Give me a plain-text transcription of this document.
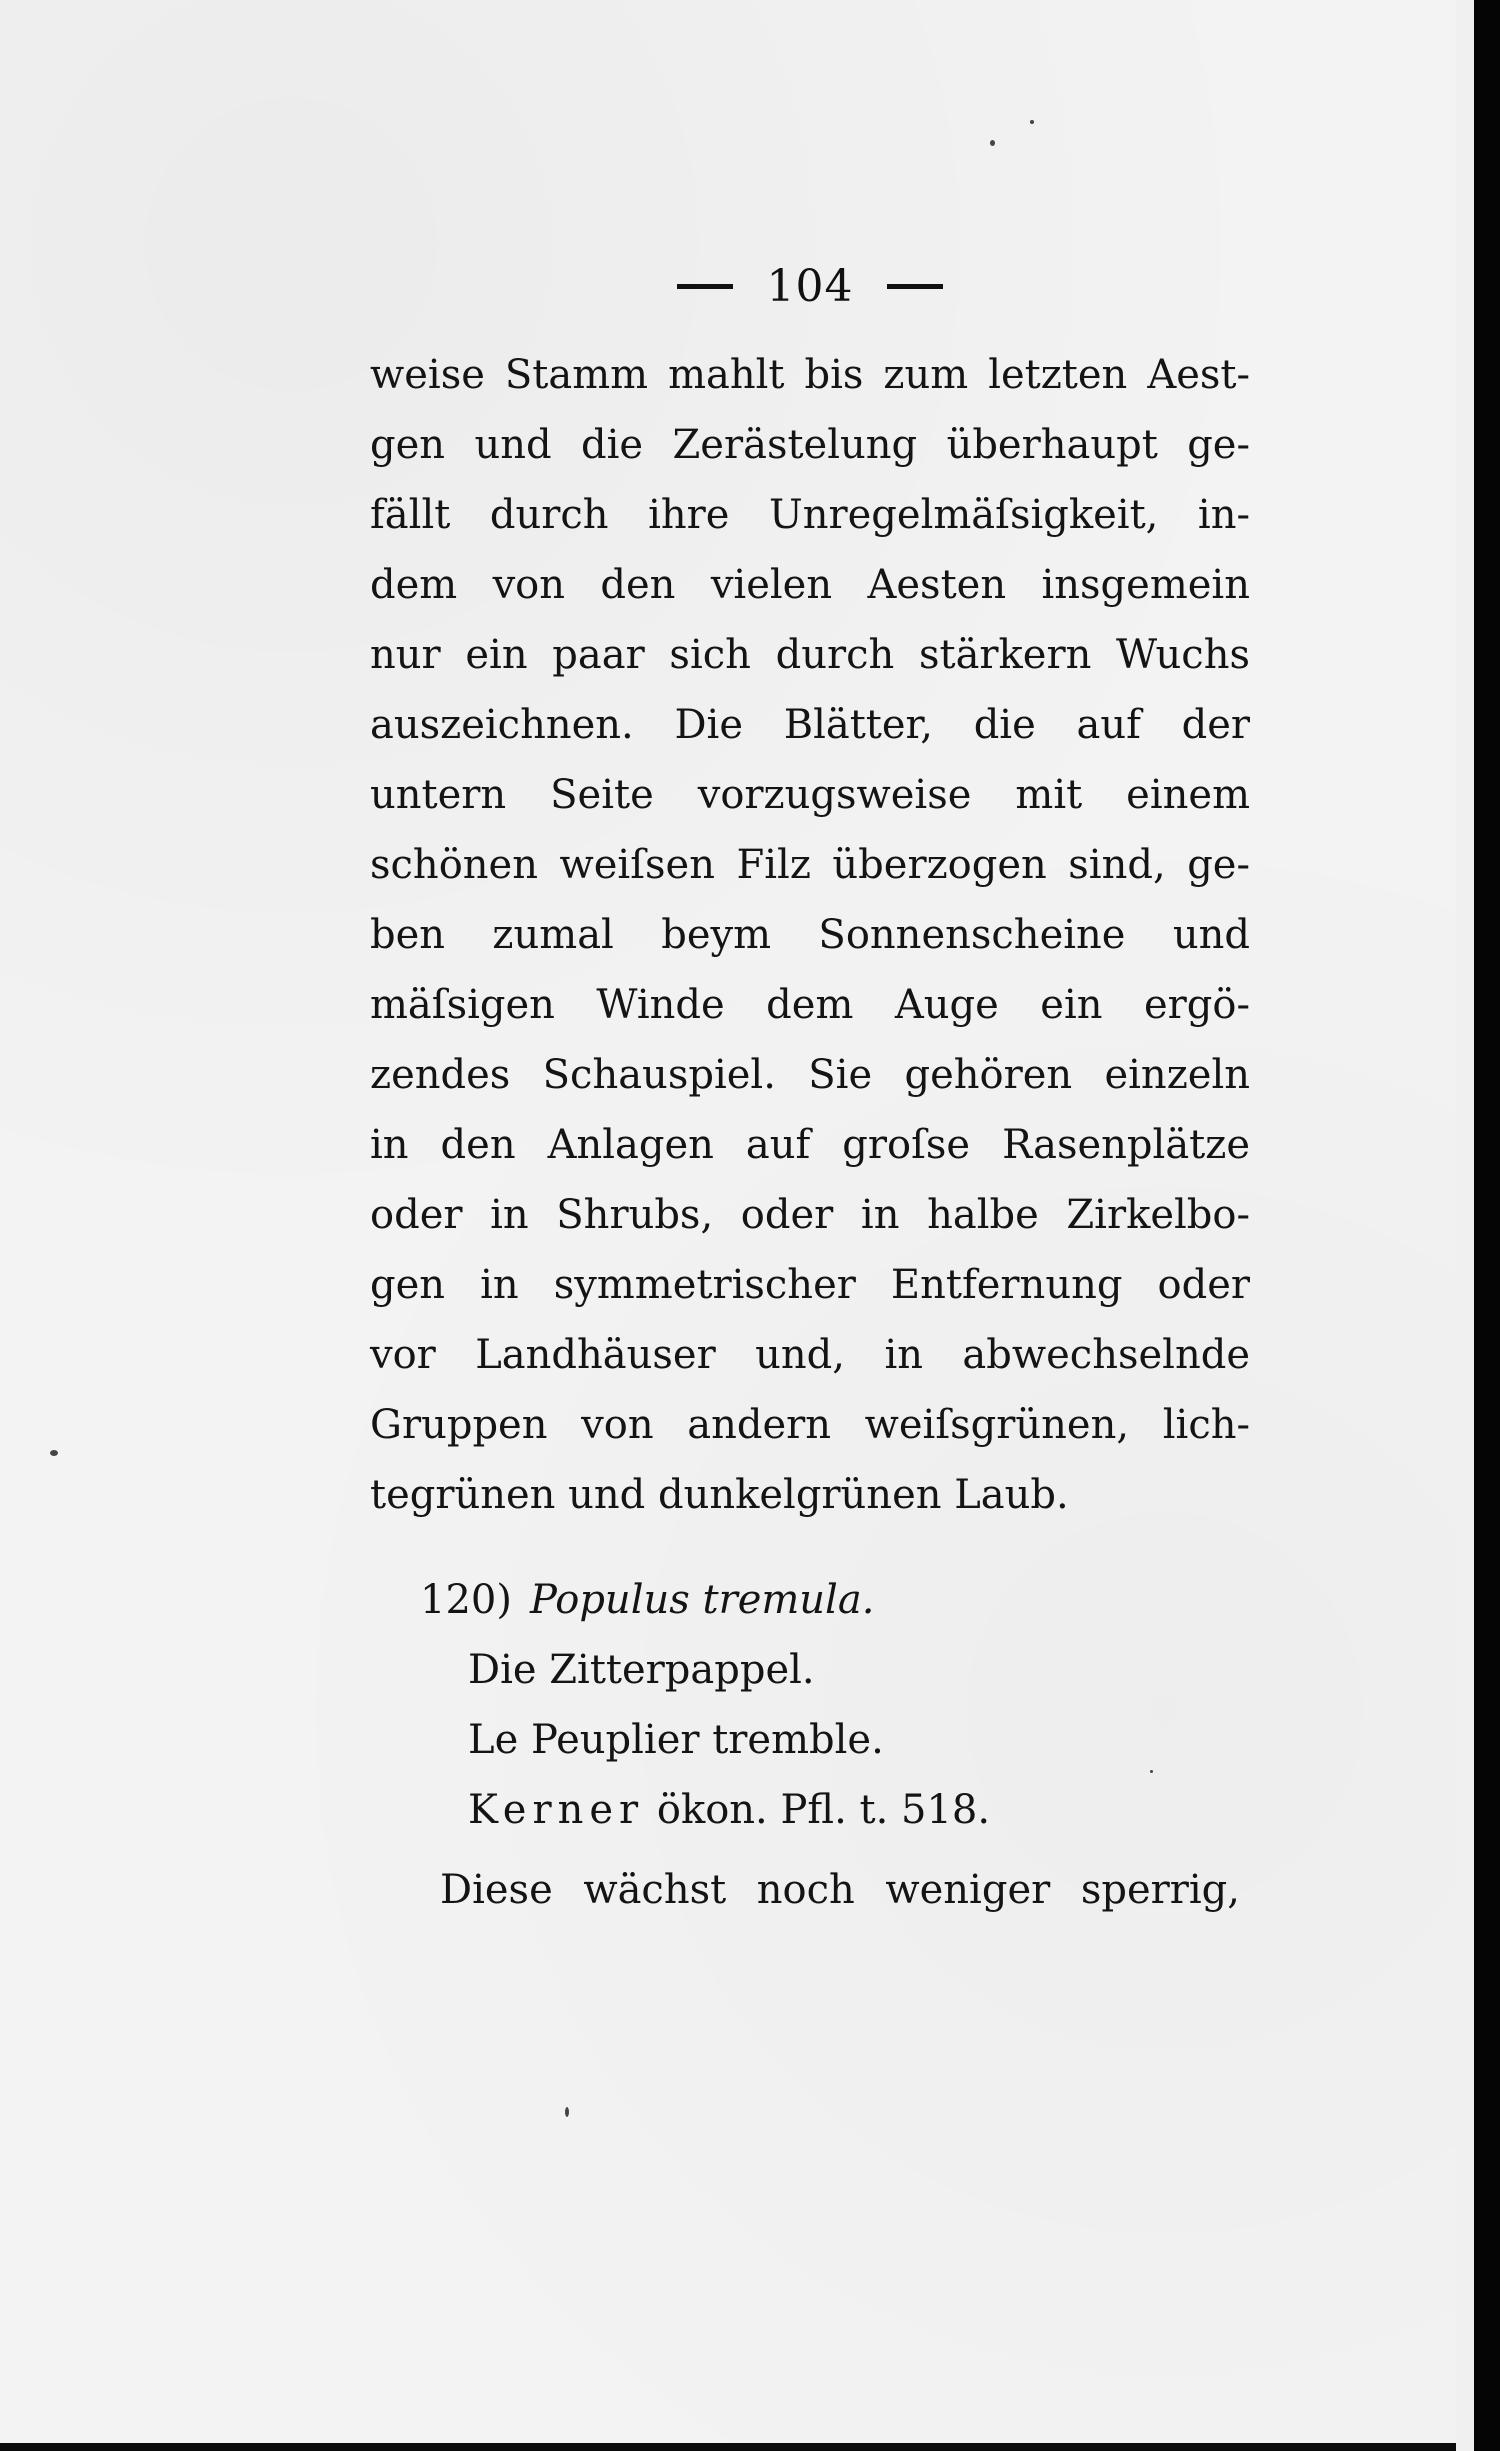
104
weise Stamm mahlt bis zum letzten Aest-
gen und die Zerästelung überhaupt ge-
fällt durch ihre Unregelmäſsigkeit, in-
dem von den vielen Aesten insgemein
nur ein paar sich durch stärkern Wuchs
auszeichnen. Die Blätter, die auf der
untern Seite vorzugsweise mit einem
schönen weiſsen Filz überzogen sind, ge-
ben zumal beym Sonnenscheine und
mäſsigen Winde dem Auge ein ergö-
zendes Schauspiel. Sie gehören einzeln
in den Anlagen auf groſse Rasenplätze
oder in Shrubs, oder in halbe Zirkelbo-
gen in symmetrischer Entfernung oder
vor Landhäuser und, in abwechselnde
Gruppen von andern weiſsgrünen, lich-
tegrünen und dunkelgrünen Laub.
120) Populus tremula.
Die Zitterpappel.
Le Peuplier tremble.
Kerner ökon. Pfl. t. 518.
Diese wächst noch weniger sperrig,
